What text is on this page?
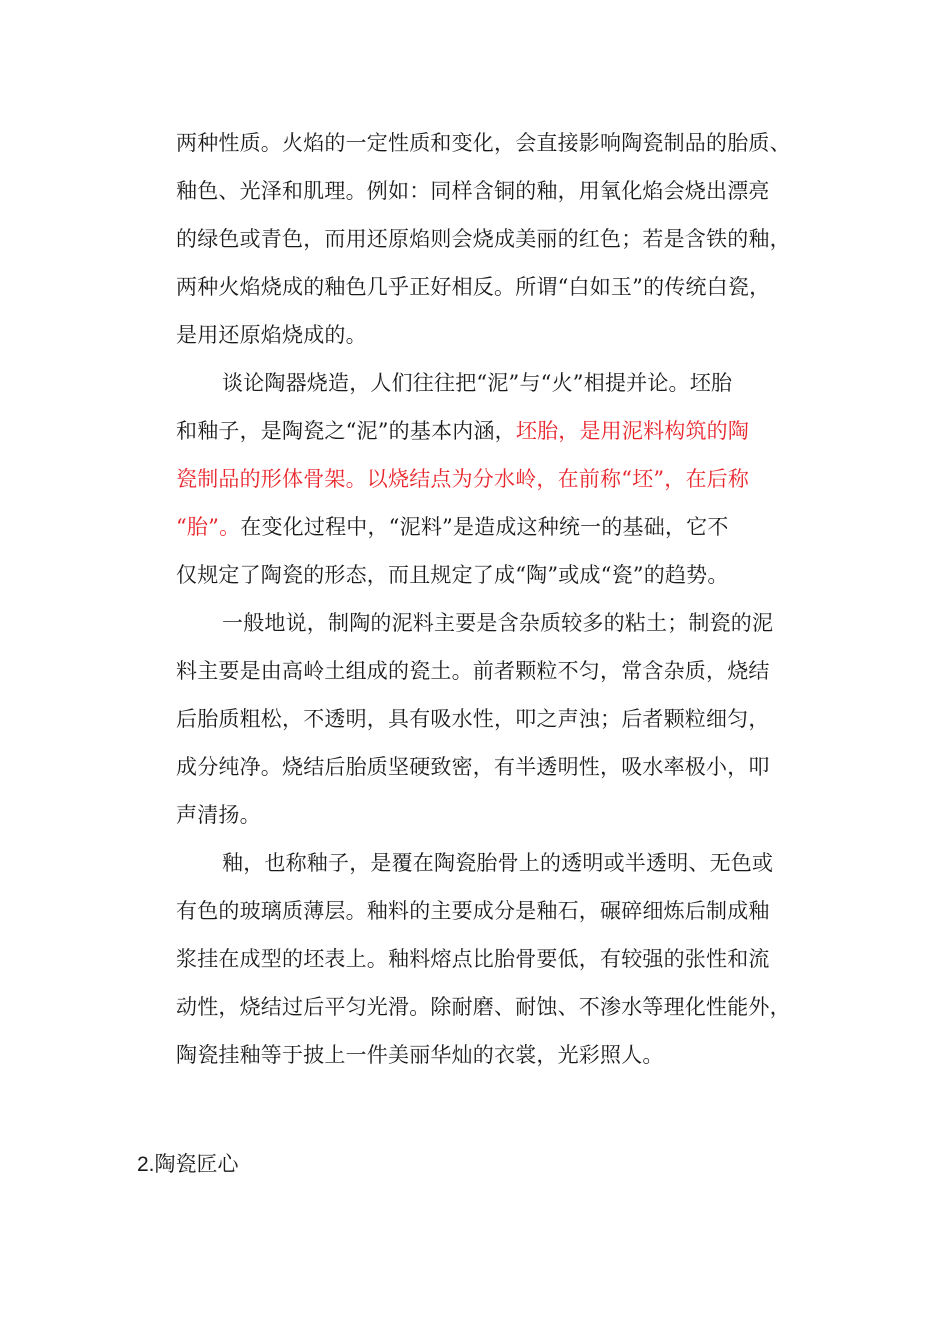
两种性质。火焰的一定性质和变化，会直接影响陶瓷制品的胎质、
釉色、光泽和肌理。例如：同样含铜的釉，用氧化焰会烧出漂亮
的绿色或青色，而用还原焰则会烧成美丽的红色；若是含铁的釉，
两种火焰烧成的釉色几乎正好相反。所谓“白如玉”的传统白瓷，
是用还原焰烧成的。
谈论陶器烧造，人们往往把“泥”与“火”相提并论。坯胎
和釉子，是陶瓷之“泥”的基本内涵，坯胎，是用泥料构筑的陶
瓷制品的形体骨架。以烧结点为分水岭，在前称“坯”，在后称
“胎”。在变化过程中，“泥料”是造成这种统一的基础，它不
仅规定了陶瓷的形态，而且规定了成“陶”或成“瓷”的趋势。
一般地说，制陶的泥料主要是含杂质较多的粘土；制瓷的泥
料主要是由高岭土组成的瓷土。前者颗粒不匀，常含杂质，烧结
后胎质粗松，不透明，具有吸水性，叩之声浊；后者颗粒细匀，
成分纯净。烧结后胎质坚硬致密，有半透明性，吸水率极小，叩
声清扬。
釉，也称釉子，是覆在陶瓷胎骨上的透明或半透明、无色或
有色的玻璃质薄层。釉料的主要成分是釉石，碾碎细炼后制成釉
浆挂在成型的坯表上。釉料熔点比胎骨要低，有较强的张性和流
动性，烧结过后平匀光滑。除耐磨、耐蚀、不渗水等理化性能外，
陶瓷挂釉等于披上一件美丽华灿的衣裳，光彩照人。
2.陶瓷匠心
